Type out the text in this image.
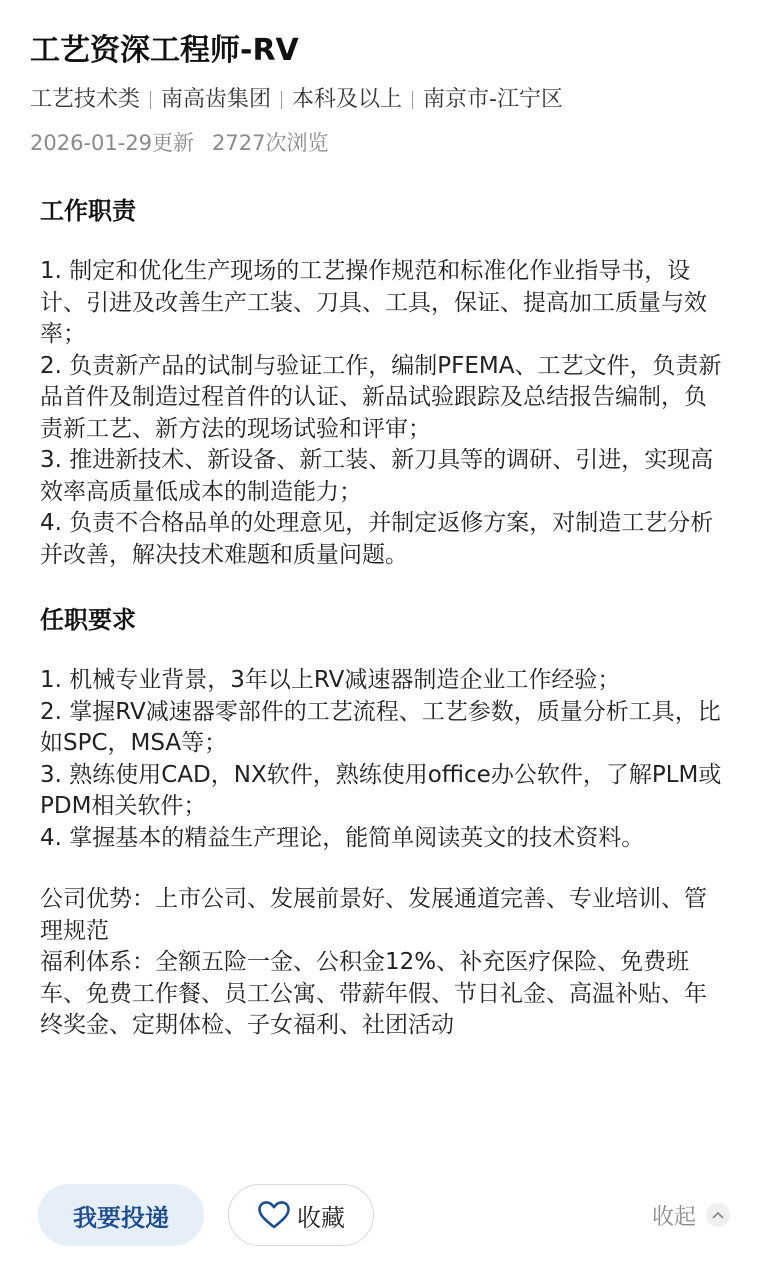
工艺资深工程师-RV
工艺技术类 南高齿集团 本科及以上 南京市-江宁区
2026-01-29更新 2727次浏览
工作职责

1. 制定和优化生产现场的工艺操作规范和标准化作业指导书，设计、引进及改善生产工装、刀具、工具，保证、提高加工质量与效率；

2. 负责新产品的试制与验证工作，编制PFEMA、工艺文件，负责新品首件及制造过程首件的认证、新品试验跟踪及总结报告编制，负责新工艺、新方法的现场试验和评审；

3. 推进新技术、新设备、新工装、新刀具等的调研、引进，实现高效率高质量低成本的制造能力；

4. 负责不合格品单的处理意见，并制定返修方案，对制造工艺分析并改善，解决技术难题和质量问题。

任职要求

1. 机械专业背景，3年以上RV减速器制造企业工作经验；

2. 掌握RV减速器零部件的工艺流程、工艺参数，质量分析工具，比如SPC，MSA等；

3. 熟练使用CAD，NX软件，熟练使用office办公软件，了解PLM或PDM相关软件；

4. 掌握基本的精益生产理论，能简单阅读英文的技术资料。

公司优势：上市公司、发展前景好、发展通道完善、专业培训、管理规范

福利体系：全额五险一金、公积金12%、补充医疗保险、免费班车、免费工作餐、员工公寓、带薪年假、节日礼金、高温补贴、年终奖金、定期体检、子女福利、社团活动

我要投递	收藏	收起
